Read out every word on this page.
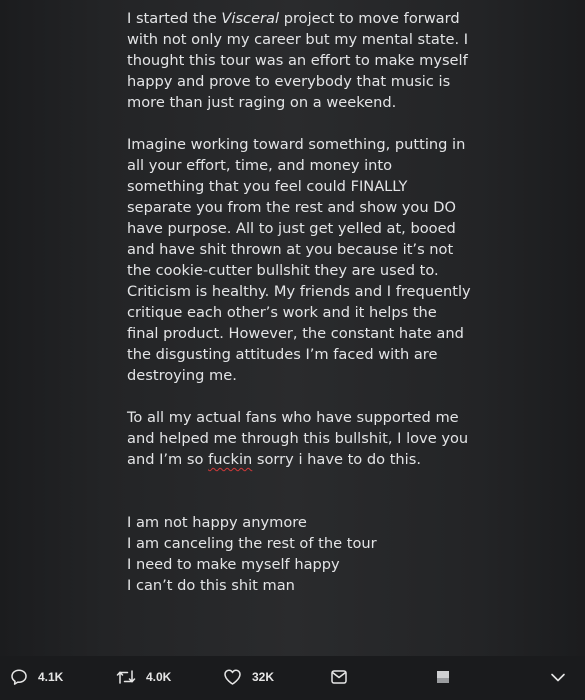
I started the Visceral project to move forward with not only my career but my mental state. I thought this tour was an effort to make myself happy and prove to everybody that music is more than just raging on a weekend.

Imagine working toward something, putting in all your effort, time, and money into something that you feel could FINALLY separate you from the rest and show you DO have purpose. All to just get yelled at, booed and have shit thrown at you because it’s not the cookie-cutter bullshit they are used to. Criticism is healthy. My friends and I frequently critique each other’s work and it helps the final product. However, the constant hate and the disgusting attitudes I’m faced with are destroying me.

To all my actual fans who have supported me and helped me through this bullshit, I love you and I’m so fuckin sorry i have to do this.

I am not happy anymore

I am canceling the rest of the tour

I need to make myself happy

I can’t do this shit man

4.1K	4.0K	32K
